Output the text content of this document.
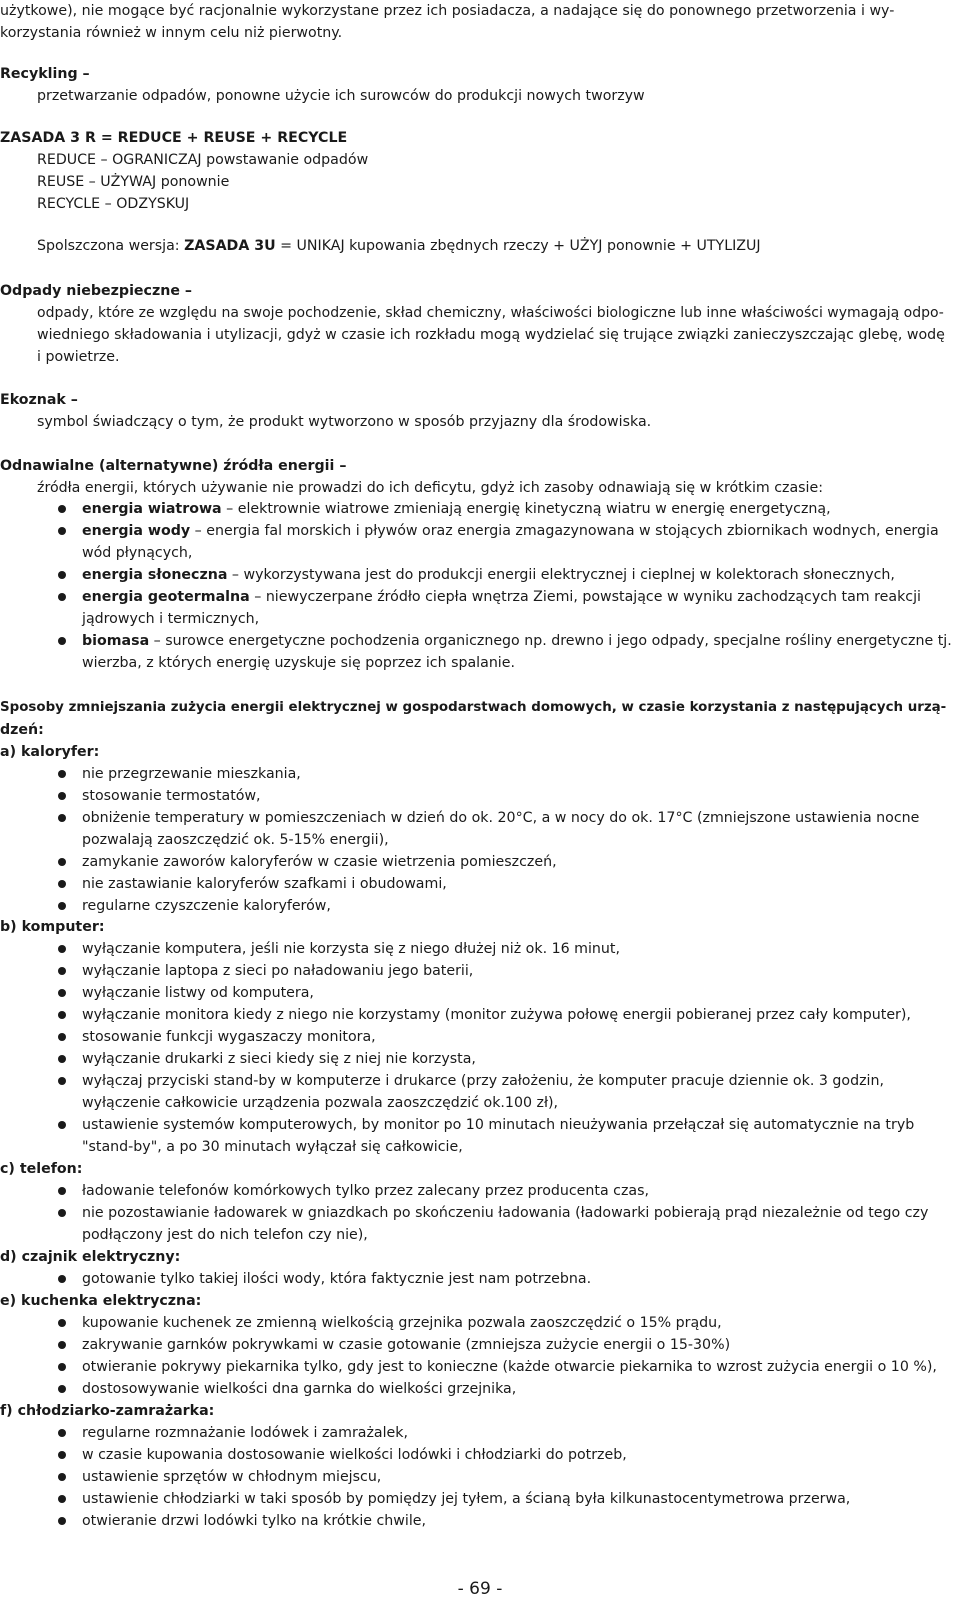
użytkowe), nie mogące być racjonalnie wykorzystane przez ich posiadacza, a nadające się do ponownego przetworzenia i wy-
korzystania również w innym celu niż pierwotny.
Recykling –
przetwarzanie odpadów, ponowne użycie ich surowców do produkcji nowych tworzyw
ZASADA 3 R = REDUCE + REUSE + RECYCLE
REDUCE – OGRANICZAJ powstawanie odpadów
REUSE – UŻYWAJ ponownie
RECYCLE – ODZYSKUJ
Spolszczona wersja: ZASADA 3U = UNIKAJ kupowania zbędnych rzeczy + UŻYJ ponownie + UTYLIZUJ
Odpady niebezpieczne –
odpady, które ze względu na swoje pochodzenie, skład chemiczny, właściwości biologiczne lub inne właściwości wymagają odpo-
wiedniego składowania i utylizacji, gdyż w czasie ich rozkładu mogą wydzielać się trujące związki zanieczyszczając glebę, wodę
i powietrze.
Ekoznak –
symbol świadczący o tym, że produkt wytworzono w sposób przyjazny dla środowiska.
Odnawialne (alternatywne) źródła energii –
źródła energii, których używanie nie prowadzi do ich deficytu, gdyż ich zasoby odnawiają się w krótkim czasie:
energia wiatrowa – elektrownie wiatrowe zmieniają energię kinetyczną wiatru w energię energetyczną,
energia wody – energia fal morskich i pływów oraz energia zmagazynowana w stojących zbiornikach wodnych, energia
wód płynących,
energia słoneczna – wykorzystywana jest do produkcji energii elektrycznej i cieplnej w kolektorach słonecznych,
energia geotermalna – niewyczerpane źródło ciepła wnętrza Ziemi, powstające w wyniku zachodzących tam reakcji
jądrowych i termicznych,
biomasa – surowce energetyczne pochodzenia organicznego np. drewno i jego odpady, specjalne rośliny energetyczne tj.
wierzba, z których energię uzyskuje się poprzez ich spalanie.
Sposoby zmniejszania zużycia energii elektrycznej w gospodarstwach domowych, w czasie korzystania z następujących urzą-
dzeń:
a) kaloryfer:
nie przegrzewanie mieszkania,
stosowanie termostatów,
obniżenie temperatury w pomieszczeniach w dzień do ok. 20°C, a w nocy do ok. 17°C (zmniejszone ustawienia nocne
pozwalają zaoszczędzić ok. 5-15% energii),
zamykanie zaworów kaloryferów w czasie wietrzenia pomieszczeń,
nie zastawianie kaloryferów szafkami i obudowami,
regularne czyszczenie kaloryferów,
b) komputer:
wyłączanie komputera, jeśli nie korzysta się z niego dłużej niż ok. 16 minut,
wyłączanie laptopa z sieci po naładowaniu jego baterii,
wyłączanie listwy od komputera,
wyłączanie monitora kiedy z niego nie korzystamy (monitor zużywa połowę energii pobieranej przez cały komputer),
stosowanie funkcji wygaszaczy monitora,
wyłączanie drukarki z sieci kiedy się z niej nie korzysta,
wyłączaj przyciski stand-by w komputerze i drukarce (przy założeniu, że komputer pracuje dziennie ok. 3 godzin,
wyłączenie całkowicie urządzenia pozwala zaoszczędzić ok.100 zł),
ustawienie systemów komputerowych, by monitor po 10 minutach nieużywania przełączał się automatycznie na tryb
"stand-by", a po 30 minutach wyłączał się całkowicie,
c) telefon:
ładowanie telefonów komórkowych tylko przez zalecany przez producenta czas,
nie pozostawianie ładowarek w gniazdkach po skończeniu ładowania (ładowarki pobierają prąd niezależnie od tego czy
podłączony jest do nich telefon czy nie),
d) czajnik elektryczny:
gotowanie tylko takiej ilości wody, która faktycznie jest nam potrzebna.
e) kuchenka elektryczna:
kupowanie kuchenek ze zmienną wielkością grzejnika pozwala zaoszczędzić o 15% prądu,
zakrywanie garnków pokrywkami w czasie gotowanie (zmniejsza zużycie energii o 15-30%)
otwieranie pokrywy piekarnika tylko, gdy jest to konieczne (każde otwarcie piekarnika to wzrost zużycia energii o 10 %),
dostosowywanie wielkości dna garnka do wielkości grzejnika,
f) chłodziarko-zamrażarka:
regularne rozmnażanie lodówek i zamrażalek,
w czasie kupowania dostosowanie wielkości lodówki i chłodziarki do potrzeb,
ustawienie sprzętów w chłodnym miejscu,
ustawienie chłodziarki w taki sposób by pomiędzy jej tyłem, a ścianą była kilkunastocentymetrowa przerwa,
otwieranie drzwi lodówki tylko na krótkie chwile,
- 69 -
